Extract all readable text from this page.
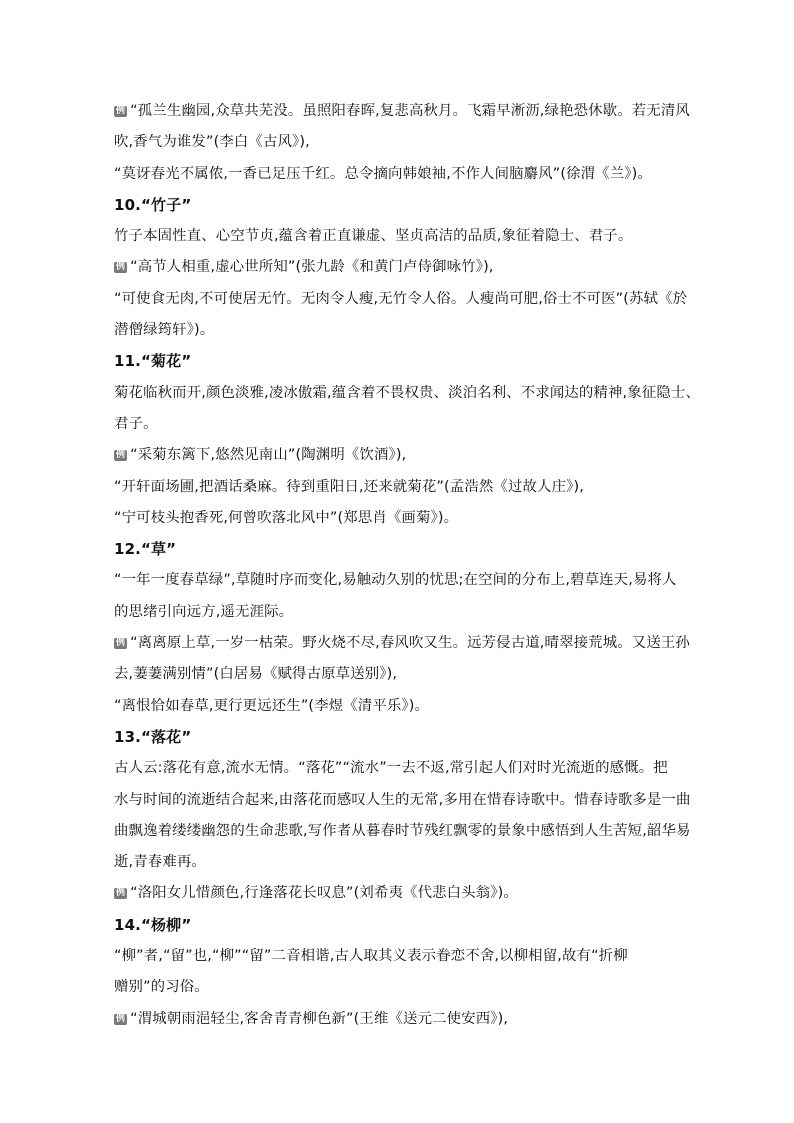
例 “孤兰生幽园,众草共芜没。虽照阳春晖,复悲高秋月。飞霜早淅沥,绿艳恐休歇。若无清风
吹,香气为谁发”(李白《古风》),
“莫讶春光不属侬,一香已足压千红。总令摘向韩娘袖,不作人间脑麝风”(徐渭《兰》)。
10.“竹子”
竹子本固性直、心空节贞,蕴含着正直谦虚、坚贞高洁的品质,象征着隐士、君子。
例 “高节人相重,虚心世所知”(张九龄《和黄门卢侍御咏竹》),
“可使食无肉,不可使居无竹。无肉令人瘦,无竹令人俗。人瘦尚可肥,俗士不可医”(苏轼《於
潜僧绿筠轩》)。
11.“菊花”
菊花临秋而开,颜色淡雅,凌冰傲霜,蕴含着不畏权贵、淡泊名利、不求闻达的精神,象征隐士、
君子。
例 “采菊东篱下,悠然见南山”(陶渊明《饮酒》),
“开轩面场圃,把酒话桑麻。待到重阳日,还来就菊花”(孟浩然《过故人庄》),
“宁可枝头抱香死,何曾吹落北风中”(郑思肖《画菊》)。
12.“草”
“一年一度春草绿”,草随时序而变化,易触动久别的忧思;在空间的分布上,碧草连天,易将人
的思绪引向远方,遥无涯际。
例 “离离原上草,一岁一枯荣。野火烧不尽,春风吹又生。远芳侵古道,晴翠接荒城。又送王孙
去,萋萋满别情”(白居易《赋得古原草送别》),
“离恨恰如春草,更行更远还生”(李煜《清平乐》)。
13.“落花”
古人云:落花有意,流水无情。“落花”“流水”一去不返,常引起人们对时光流逝的感慨。把
水与时间的流逝结合起来,由落花而感叹人生的无常,多用在惜春诗歌中。惜春诗歌多是一曲
曲飘逸着缕缕幽怨的生命悲歌,写作者从暮春时节残红飘零的景象中感悟到人生苦短,韶华易
逝,青春难再。
例 “洛阳女儿惜颜色,行逢落花长叹息”(刘希夷《代悲白头翁》)。
14.“杨柳”
“柳”者,“留”也,“柳”“留”二音相谐,古人取其义表示眷恋不舍,以柳相留,故有“折柳
赠别”的习俗。
例 “渭城朝雨浥轻尘,客舍青青柳色新”(王维《送元二使安西》),
